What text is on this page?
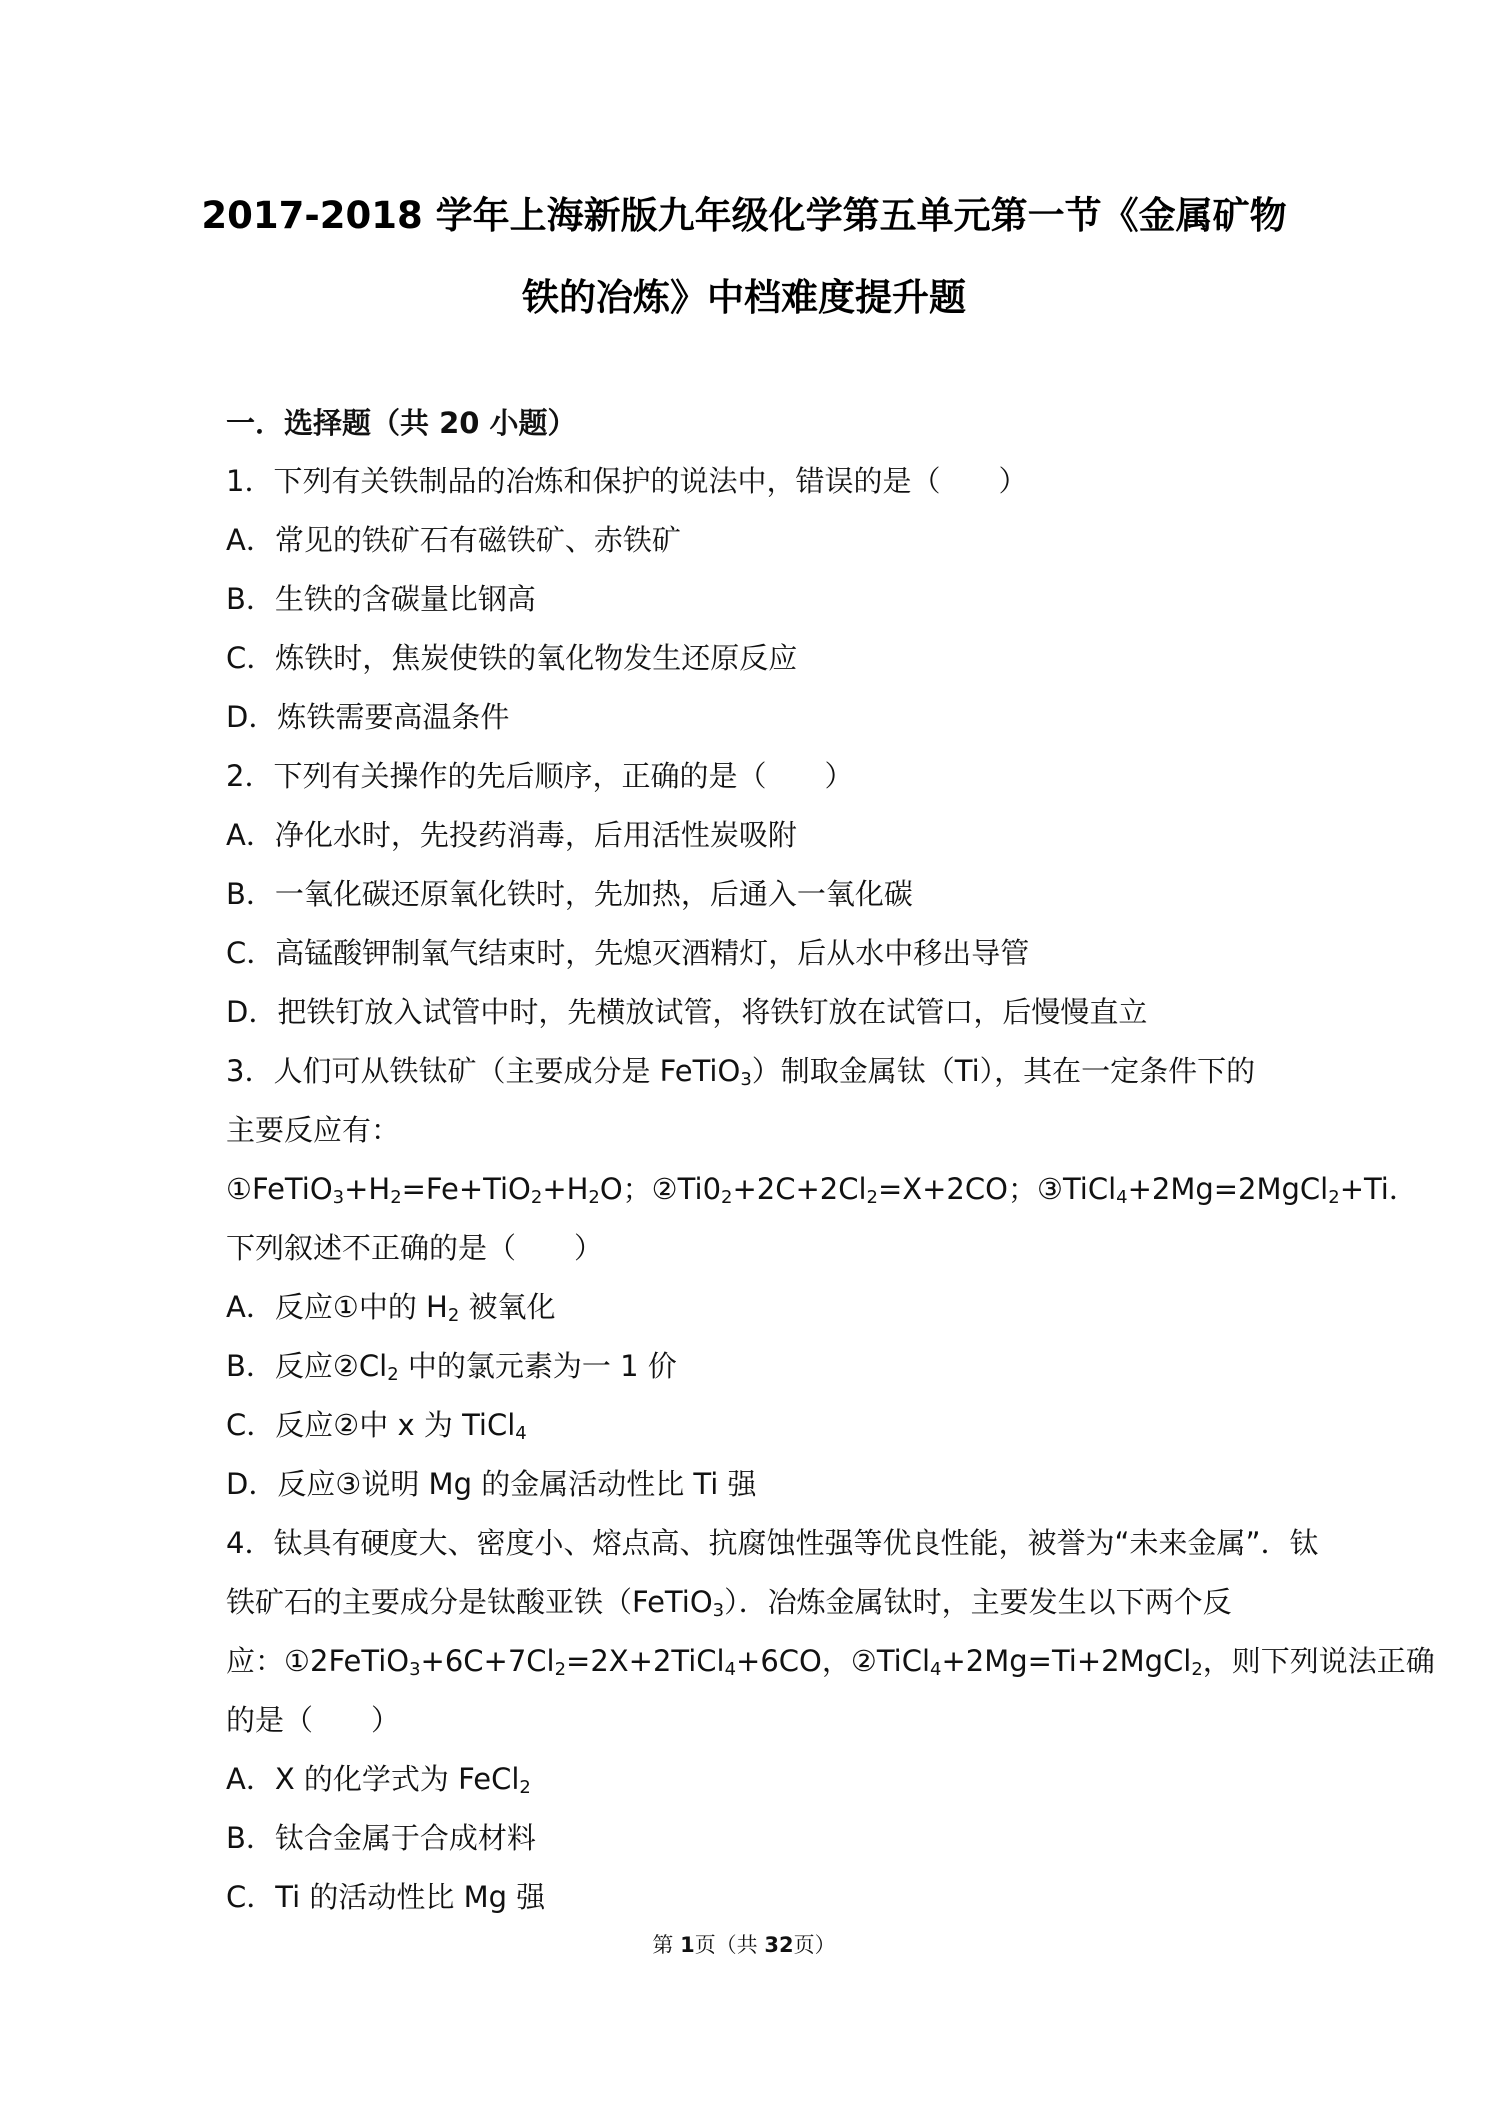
2017-2018 学年上海新版九年级化学第五单元第一节《金属矿物
铁的冶炼》中档难度提升题
一．选择题（共 20 小题）
1．下列有关铁制品的冶炼和保护的说法中，错误的是（　　）
A．常见的铁矿石有磁铁矿、赤铁矿
B．生铁的含碳量比钢高
C．炼铁时，焦炭使铁的氧化物发生还原反应
D．炼铁需要高温条件
2．下列有关操作的先后顺序，正确的是（　　）
A．净化水时，先投药消毒，后用活性炭吸附
B．一氧化碳还原氧化铁时，先加热，后通入一氧化碳
C．高锰酸钾制氧气结束时，先熄灭酒精灯，后从水中移出导管
D．把铁钉放入试管中时，先横放试管，将铁钉放在试管口，后慢慢直立
3．人们可从铁钛矿（主要成分是 FeTiO$_3$）制取金属钛（Ti），其在一定条件下的
主要反应有：
$①FeTiO_3+H_2=Fe+TiO_2+H_2O$；$②Ti0_2+2C+2Cl_2=X+2CO$；③TiCl$_4$+2Mg=2MgCl$_2$+Ti．
下列叙述不正确的是（　　）
A．反应①中的 $H_2$ 被氧化
B．反应$②Cl_2$ 中的氯元素为一 1 价
C．反应②中 x 为 TiCl$_4$
D．反应③说明 Mg 的金属活动性比 Ti 强
4．钛具有硬度大、密度小、熔点高、抗腐蚀性强等优良性能，被誉为“未来金属”．钛
铁矿石的主要成分是钛酸亚铁（FeTiO$_3$）．冶炼金属钛时，主要发生以下两个反
应：$①2FeTiO_3+6C+7Cl_2=2X+2TiCl_4+6CO$，②TiCl$_4$+2Mg=Ti+2MgCl$_2$，则下列说法正确
的是（　　）
A．X 的化学式为 FeCl$_2$
B．钛合金属于合成材料
C．Ti 的活动性比 Mg 强
第 1页（共 32页）
